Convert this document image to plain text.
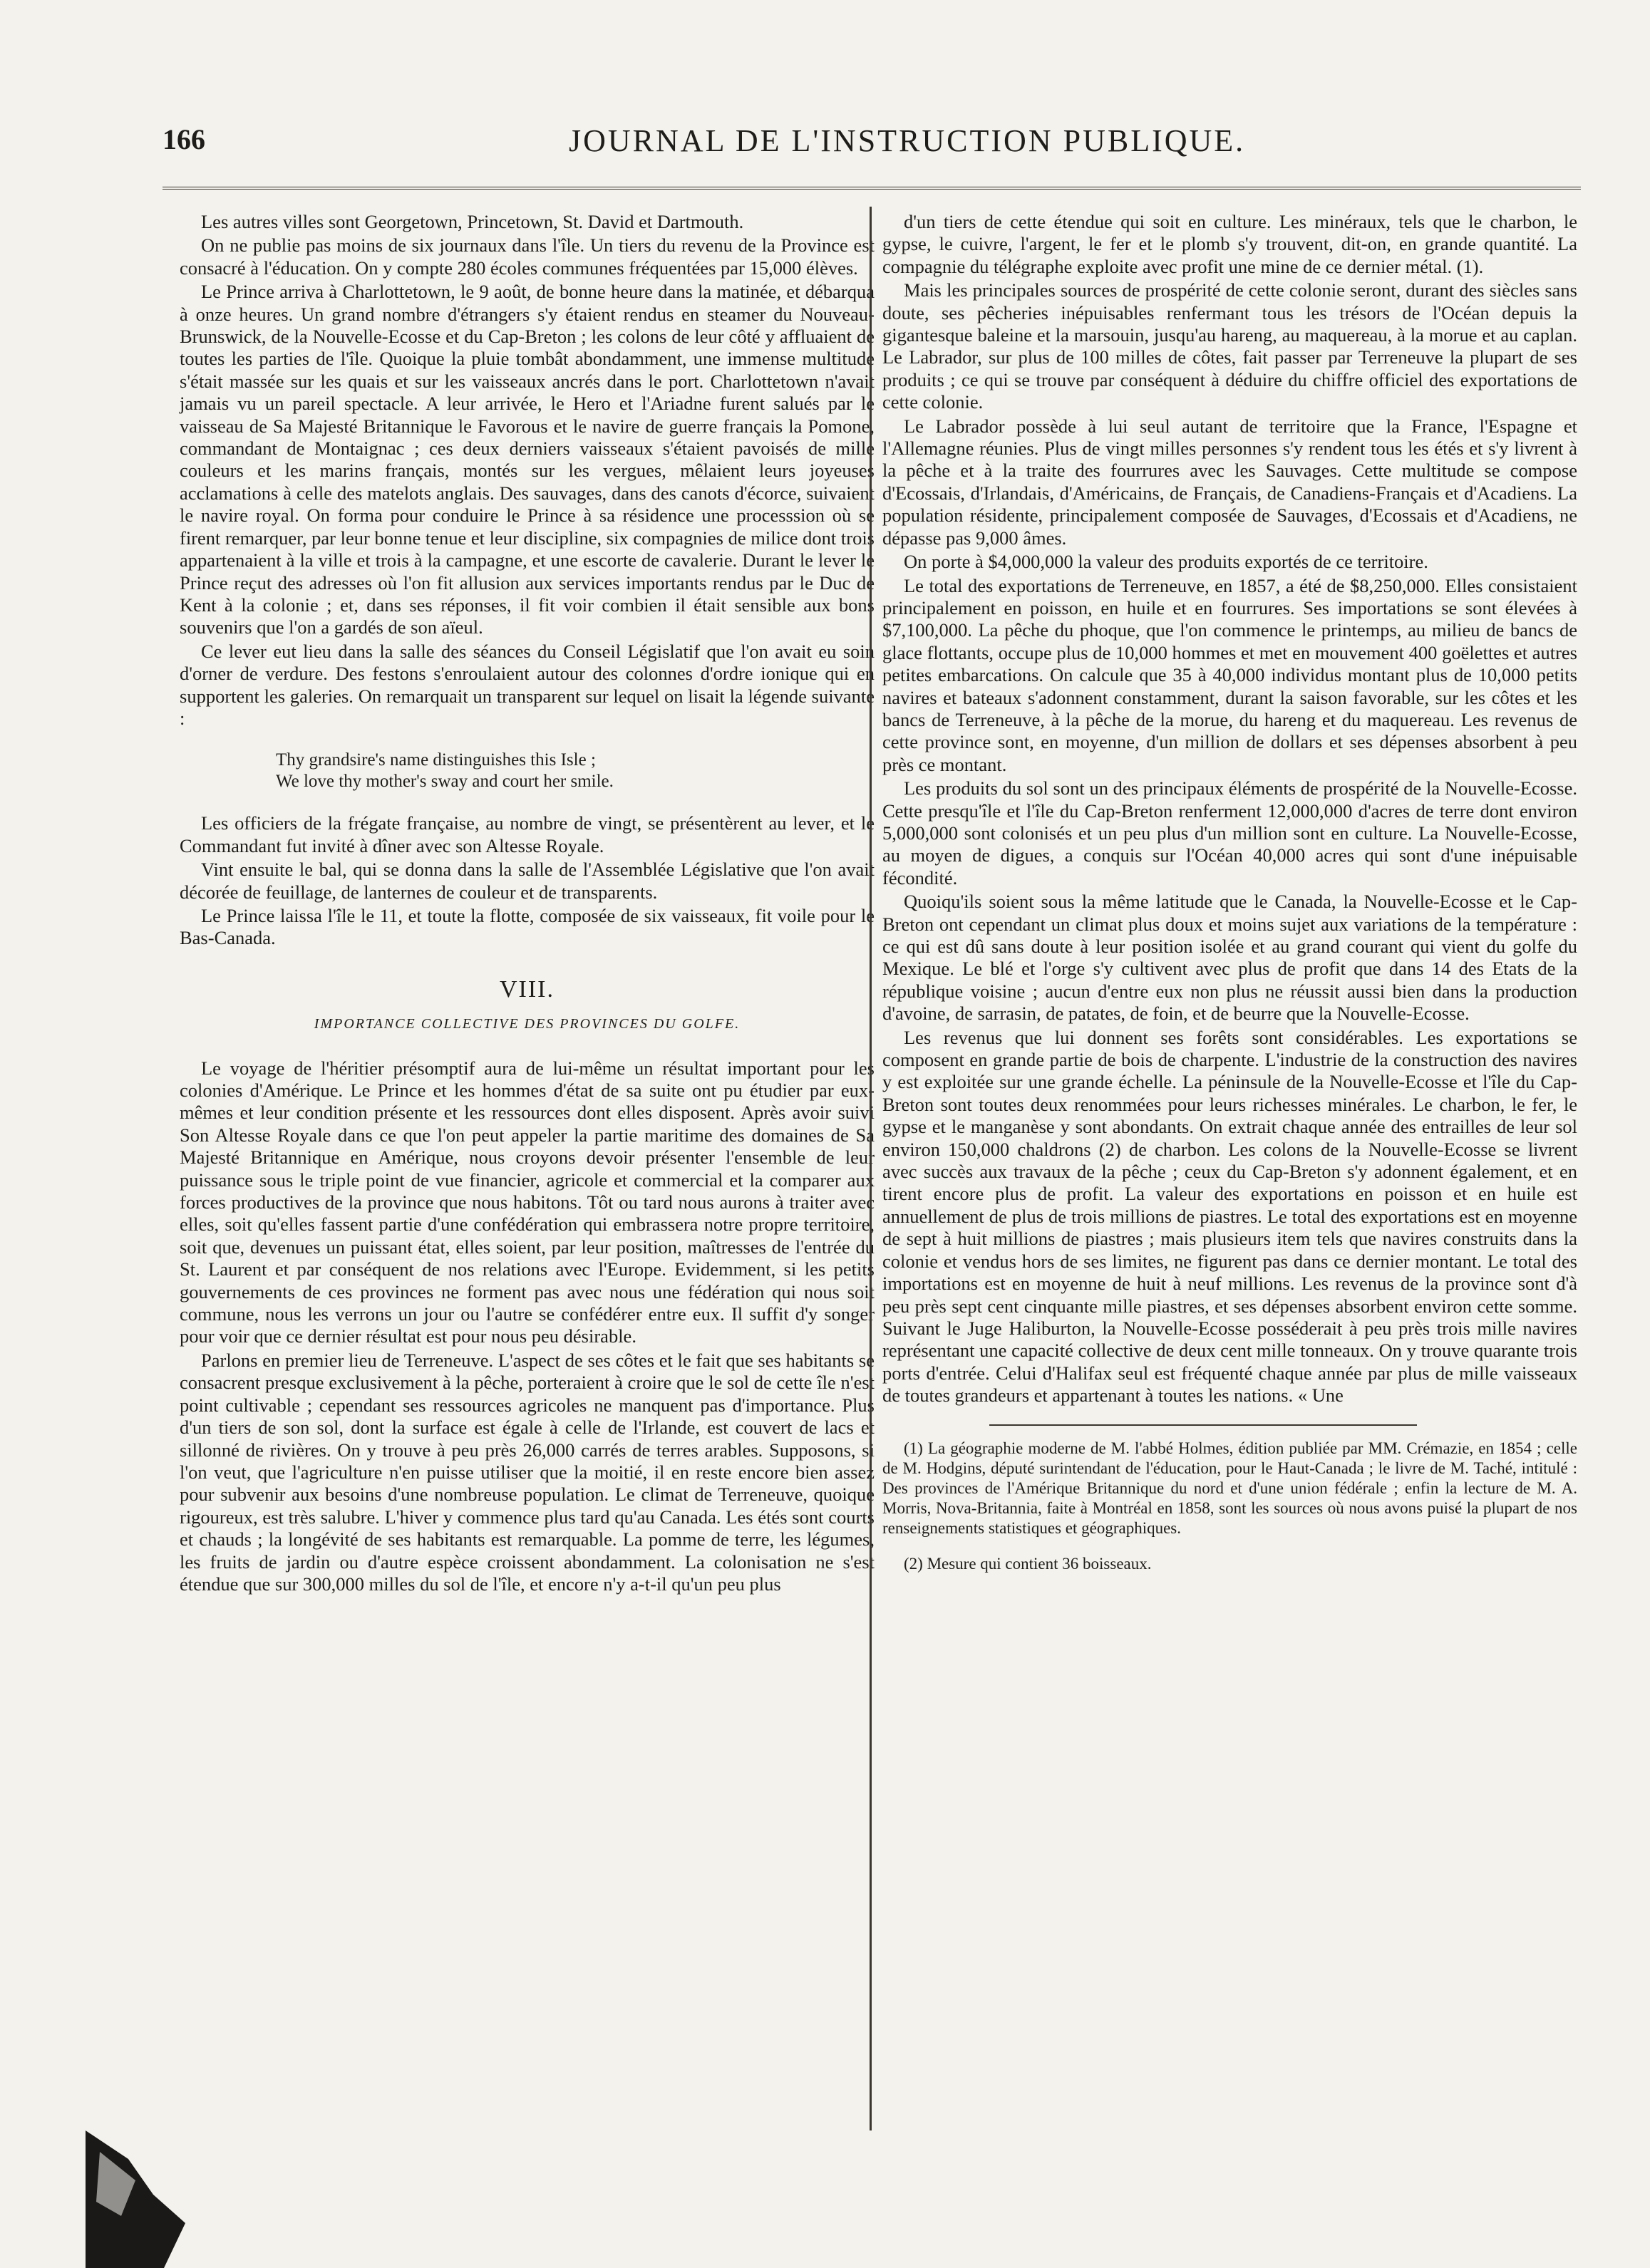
166	JOURNAL DE L'INSTRUCTION PUBLIQUE.

Les autres villes sont Georgetown, Princetown, St. David et Dartmouth.

On ne publie pas moins de six journaux dans l'île. Un tiers du revenu de la Province est consacré à l'éducation. On y compte 280 écoles communes fréquentées par 15,000 élèves.

Le Prince arriva à Charlottetown, le 9 août, de bonne heure dans la matinée, et débarqua à onze heures. Un grand nombre d'étrangers s'y étaient rendus en steamer du Nouveau-Brunswick, de la Nouvelle-Ecosse et du Cap-Breton ; les colons de leur côté y affluaient de toutes les parties de l'île. Quoique la pluie tombât abondamment, une immense multitude s'était massée sur les quais et sur les vaisseaux ancrés dans le port. Charlottetown n'avait jamais vu un pareil spectacle. A leur arrivée, le Hero et l'Ariadne furent salués par le vaisseau de Sa Majesté Britannique le Favorous et le navire de guerre français la Pomone, commandant de Montaignac ; ces deux derniers vaisseaux s'étaient pavoisés de mille couleurs et les marins français, montés sur les vergues, mêlaient leurs joyeuses acclamations à celle des matelots anglais. Des sauvages, dans des canots d'écorce, suivaient le navire royal. On forma pour conduire le Prince à sa résidence une processsion où se firent remarquer, par leur bonne tenue et leur discipline, six compagnies de milice dont trois appartenaient à la ville et trois à la campagne, et une escorte de cavalerie. Durant le lever le Prince reçut des adresses où l'on fit allusion aux services importants rendus par le Duc de Kent à la colonie ; et, dans ses réponses, il fit voir combien il était sensible aux bons souvenirs que l'on a gardés de son aïeul.

Ce lever eut lieu dans la salle des séances du Conseil Législatif que l'on avait eu soin d'orner de verdure. Des festons s'enroulaient autour des colonnes d'ordre ionique qui en supportent les galeries. On remarquait un transparent sur lequel on lisait la légende suivante :

Thy grandsire's name distinguishes this Isle ;
We love thy mother's sway and court her smile.

Les officiers de la frégate française, au nombre de vingt, se présentèrent au lever, et le Commandant fut invité à dîner avec son Altesse Royale.

Vint ensuite le bal, qui se donna dans la salle de l'Assemblée Législative que l'on avait décorée de feuillage, de lanternes de couleur et de transparents.

Le Prince laissa l'île le 11, et toute la flotte, composée de six vaisseaux, fit voile pour le Bas-Canada.

VIII.
IMPORTANCE COLLECTIVE DES PROVINCES DU GOLFE.

Le voyage de l'héritier présomptif aura de lui-même un résultat important pour les colonies d'Amérique. Le Prince et les hommes d'état de sa suite ont pu étudier par eux-mêmes et leur condition présente et les ressources dont elles disposent. Après avoir suivi Son Altesse Royale dans ce que l'on peut appeler la partie maritime des domaines de Sa Majesté Britannique en Amérique, nous croyons devoir présenter l'ensemble de leur puissance sous le triple point de vue financier, agricole et commercial et la comparer aux forces productives de la province que nous habitons. Tôt ou tard nous aurons à traiter avec elles, soit qu'elles fassent partie d'une confédération qui embrassera notre propre territoire, soit que, devenues un puissant état, elles soient, par leur position, maîtresses de l'entrée du St. Laurent et par conséquent de nos relations avec l'Europe. Evidemment, si les petits gouvernements de ces provinces ne forment pas avec nous une fédération qui nous soit commune, nous les verrons un jour ou l'autre se confédérer entre eux. Il suffit d'y songer pour voir que ce dernier résultat est pour nous peu désirable.

Parlons en premier lieu de Terreneuve. L'aspect de ses côtes et le fait que ses habitants se consacrent presque exclusivement à la pêche, porteraient à croire que le sol de cette île n'est point cultivable ; cependant ses ressources agricoles ne manquent pas d'importance. Plus d'un tiers de son sol, dont la surface est égale à celle de l'Irlande, est couvert de lacs et sillonné de rivières. On y trouve à peu près 26,000 carrés de terres arables. Supposons, si l'on veut, que l'agriculture n'en puisse utiliser que la moitié, il en reste encore bien assez pour subvenir aux besoins d'une nombreuse population. Le climat de Terreneuve, quoique rigoureux, est très salubre. L'hiver y commence plus tard qu'au Canada. Les étés sont courts et chauds ; la longévité de ses habitants est remarquable. La pomme de terre, les légumes, les fruits de jardin ou d'autre espèce croissent abondamment. La colonisation ne s'est étendue que sur 300,000 milles du sol de l'île, et encore n'y a-t-il qu'un peu plus

d'un tiers de cette étendue qui soit en culture. Les minéraux, tels que le charbon, le gypse, le cuivre, l'argent, le fer et le plomb s'y trouvent, dit-on, en grande quantité. La compagnie du télégraphe exploite avec profit une mine de ce dernier métal. (1).

Mais les principales sources de prospérité de cette colonie seront, durant des siècles sans doute, ses pêcheries inépuisables renfermant tous les trésors de l'Océan depuis la gigantesque baleine et la marsouin, jusqu'au hareng, au maquereau, à la morue et au caplan. Le Labrador, sur plus de 100 milles de côtes, fait passer par Terreneuve la plupart de ses produits ; ce qui se trouve par conséquent à déduire du chiffre officiel des exportations de cette colonie.

Le Labrador possède à lui seul autant de territoire que la France, l'Espagne et l'Allemagne réunies. Plus de vingt milles personnes s'y rendent tous les étés et s'y livrent à la pêche et à la traite des fourrures avec les Sauvages. Cette multitude se compose d'Ecossais, d'Irlandais, d'Américains, de Français, de Canadiens-Français et d'Acadiens. La population résidente, principalement composée de Sauvages, d'Ecossais et d'Acadiens, ne dépasse pas 9,000 âmes.

On porte à $4,000,000 la valeur des produits exportés de ce territoire.

Le total des exportations de Terreneuve, en 1857, a été de $8,250,000. Elles consistaient principalement en poisson, en huile et en fourrures. Ses importations se sont élevées à $7,100,000. La pêche du phoque, que l'on commence le printemps, au milieu de bancs de glace flottants, occupe plus de 10,000 hommes et met en mouvement 400 goëlettes et autres petites embarcations. On calcule que 35 à 40,000 individus montant plus de 10,000 petits navires et bateaux s'adonnent constamment, durant la saison favorable, sur les côtes et les bancs de Terreneuve, à la pêche de la morue, du hareng et du maquereau. Les revenus de cette province sont, en moyenne, d'un million de dollars et ses dépenses absorbent à peu près ce montant.

Les produits du sol sont un des principaux éléments de prospérité de la Nouvelle-Ecosse. Cette presqu'île et l'île du Cap-Breton renferment 12,000,000 d'acres de terre dont environ 5,000,000 sont colonisés et un peu plus d'un million sont en culture. La Nouvelle-Ecosse, au moyen de digues, a conquis sur l'Océan 40,000 acres qui sont d'une inépuisable fécondité.

Quoiqu'ils soient sous la même latitude que le Canada, la Nouvelle-Ecosse et le Cap-Breton ont cependant un climat plus doux et moins sujet aux variations de la température : ce qui est dû sans doute à leur position isolée et au grand courant qui vient du golfe du Mexique. Le blé et l'orge s'y cultivent avec plus de profit que dans 14 des Etats de la république voisine ; aucun d'entre eux non plus ne réussit aussi bien dans la production d'avoine, de sarrasin, de patates, de foin, et de beurre que la Nouvelle-Ecosse.

Les revenus que lui donnent ses forêts sont considérables. Les exportations se composent en grande partie de bois de charpente. L'industrie de la construction des navires y est exploitée sur une grande échelle. La péninsule de la Nouvelle-Ecosse et l'île du Cap-Breton sont toutes deux renommées pour leurs richesses minérales. Le charbon, le fer, le gypse et le manganèse y sont abondants. On extrait chaque année des entrailles de leur sol environ 150,000 chaldrons (2) de charbon. Les colons de la Nouvelle-Ecosse se livrent avec succès aux travaux de la pêche ; ceux du Cap-Breton s'y adonnent également, et en tirent encore plus de profit. La valeur des exportations en poisson et en huile est annuellement de plus de trois millions de piastres. Le total des exportations est en moyenne de sept à huit millions de piastres ; mais plusieurs item tels que navires construits dans la colonie et vendus hors de ses limites, ne figurent pas dans ce dernier montant. Le total des importations est en moyenne de huit à neuf millions. Les revenus de la province sont d'à peu près sept cent cinquante mille piastres, et ses dépenses absorbent environ cette somme. Suivant le Juge Haliburton, la Nouvelle-Ecosse posséderait à peu près trois mille navires représentant une capacité collective de deux cent mille tonneaux. On y trouve quarante trois ports d'entrée. Celui d'Halifax seul est fréquenté chaque année par plus de mille vaisseaux de toutes grandeurs et appartenant à toutes les nations. « Une

(1) La géographie moderne de M. l'abbé Holmes, édition publiée par MM. Crémazie, en 1854 ; celle de M. Hodgins, député surintendant de l'éducation, pour le Haut-Canada ; le livre de M. Taché, intitulé : Des provinces de l'Amérique Britannique du nord et d'une union fédérale ; enfin la lecture de M. A. Morris, Nova-Britannia, faite à Montréal en 1858, sont les sources où nous avons puisé la plupart de nos renseignements statistiques et géographiques.

(2) Mesure qui contient 36 boisseaux.
